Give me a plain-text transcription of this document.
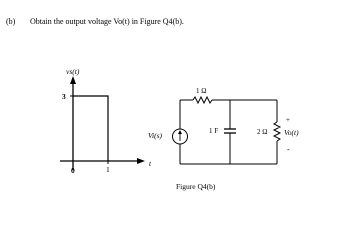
(b) Obtain the output voltage Vo(t) in Figure Q4(b).
vs(t)
3
0	1
t
1 Ω
Vi(s)	1 F	2 Ω
+
Vo(t)
-
Figure Q4(b)
